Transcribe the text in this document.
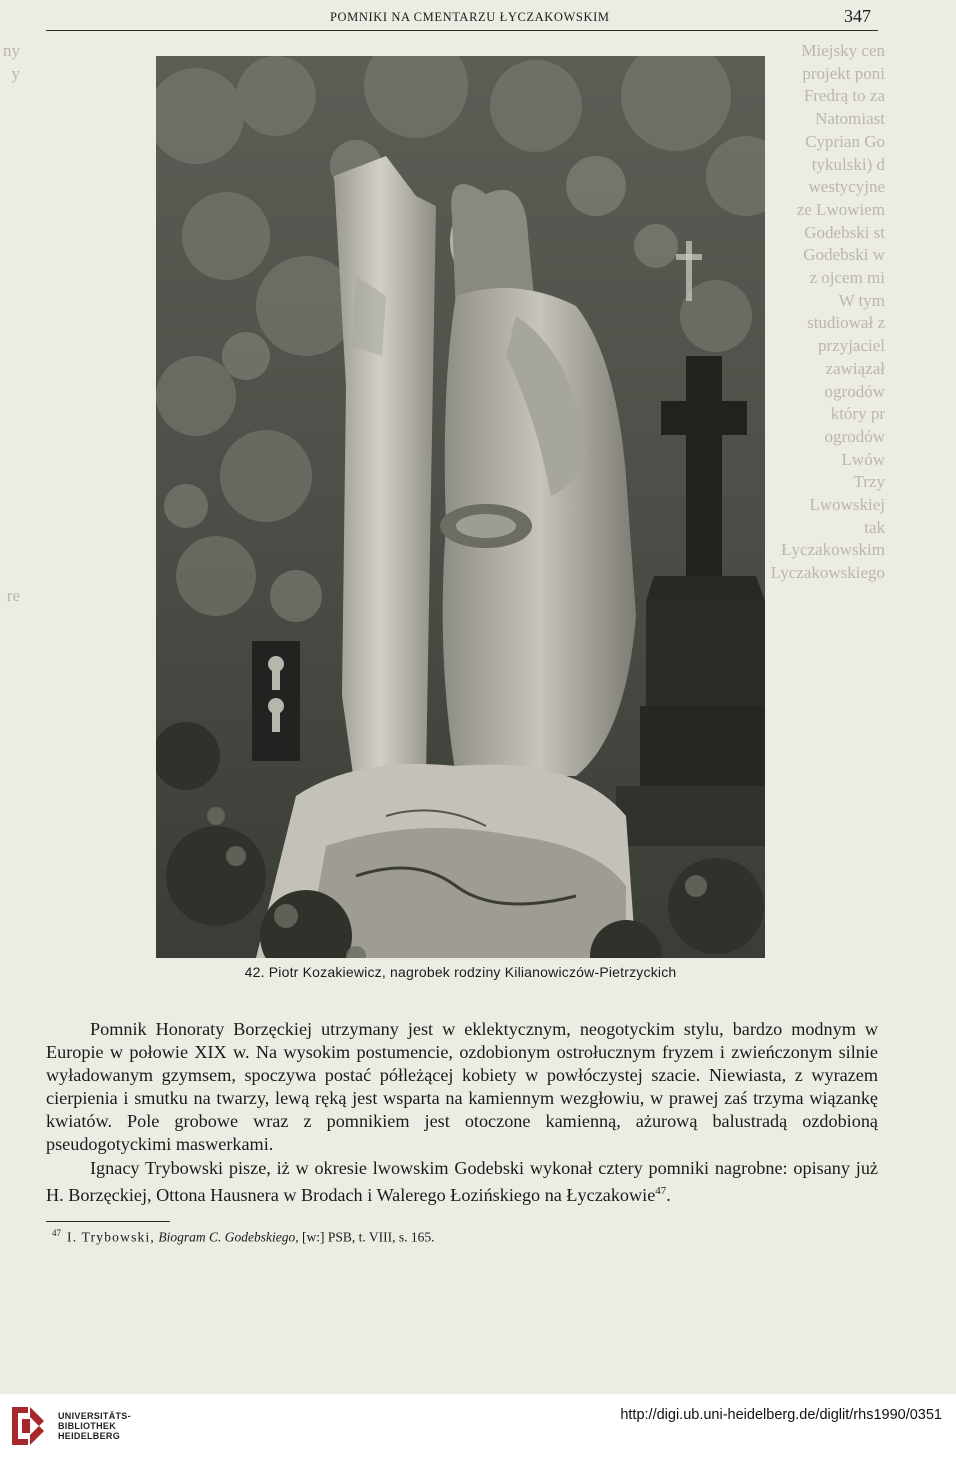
ny
y

re
Miejsky cen
projekt poni
Fredrą to za
Natomiast
Cyprian Go
tykulski) d
westycyjne
ze Lwowiem
Godebski st
Godebski w
z ojcem mi
W tym
studiował z
przyjaciel
zawiązał
ogrodów
który pr
ogrodów
Lwów
Trzy
Lwowskiej
tak
Łyczakowskim
Lyczakowskiego
POMNIKI NA CMENTARZU ŁYCZAKOWSKIM	347
42. Piotr Kozakiewicz, nagrobek rodziny Kilianowiczów-Pietrzyckich

Pomnik Honoraty Borzęckiej utrzymany jest w eklektycznym, neogotyckim stylu, bardzo modnym w Europie w połowie XIX w. Na wysokim postumencie, ozdobionym ostrołucznym fryzem i zwieńczonym silnie wyładowanym gzymsem, spoczywa postać półleżącej kobiety w powłóczystej szacie. Niewiasta, z wyrazem cierpienia i smutku na twarzy, lewą ręką jest wsparta na kamiennym wezgłowiu, w prawej zaś trzyma wiązankę kwiatów. Pole grobowe wraz z pomnikiem jest otoczone kamienną, ażurową balustradą ozdobioną pseudogotyckimi maswerkami.

Ignacy Trybowski pisze, iż w okresie lwowskim Godebski wykonał cztery pomniki nagrobne: opisany już H. Borzęckiej, Ottona Hausnera w Brodach i Walerego Łozińskiego na Łyczakowie$^{47}$.

$^{47}$ I. Trybowski, Biogram C. Godebskiego, [w:] PSB, t. VIII, s. 165.
UNIVERSITÄTS-
BIBLIOTHEK
HEIDELBERG
http://digi.ub.uni-heidelberg.de/diglit/rhs1990/0351
